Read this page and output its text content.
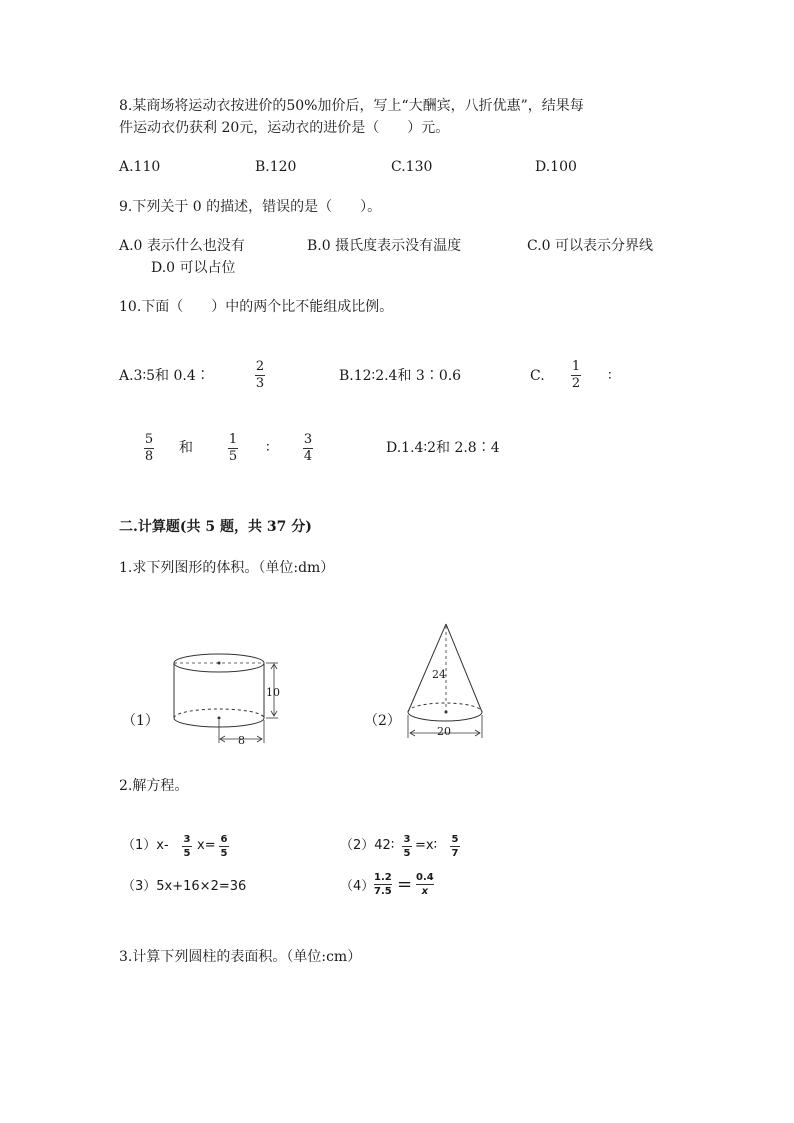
8.某商场将运动衣按进价的50%加价后，写上“大酬宾，八折优惠”，结果每
件运动衣仍获利 20元，运动衣的进价是（　　）元。
A.110	B.120	C.130	D.100
9.下列关于 0 的描述，错误的是（　　）。
A.0 表示什么也没有	B.0 摄氏度表示没有温度	C.0 可以表示分界线
D.0 可以占位
10.下面（　　）中的两个比不能组成比例。
A.3∶5和 0.4∶
2
3	B.12∶2.4和 3∶0.6	C.
1
2 ∶
5
8
和
1
5
∶
3
4
D.1.4∶2和 2.8∶4
二.计算题(共 5 题，共 37 分)
1.求下列图形的体积。（单位:dm）
（1）
10
8
（2）
24
20
2.解方程。
（1）x- 3
5
x= 6
5
（2）42∶ 3
5
=x∶ 5
7
（3）5x+16×2=36	（4）
1.2
7.5 = 0.4
x
3.计算下列圆柱的表面积。（单位:cm）
